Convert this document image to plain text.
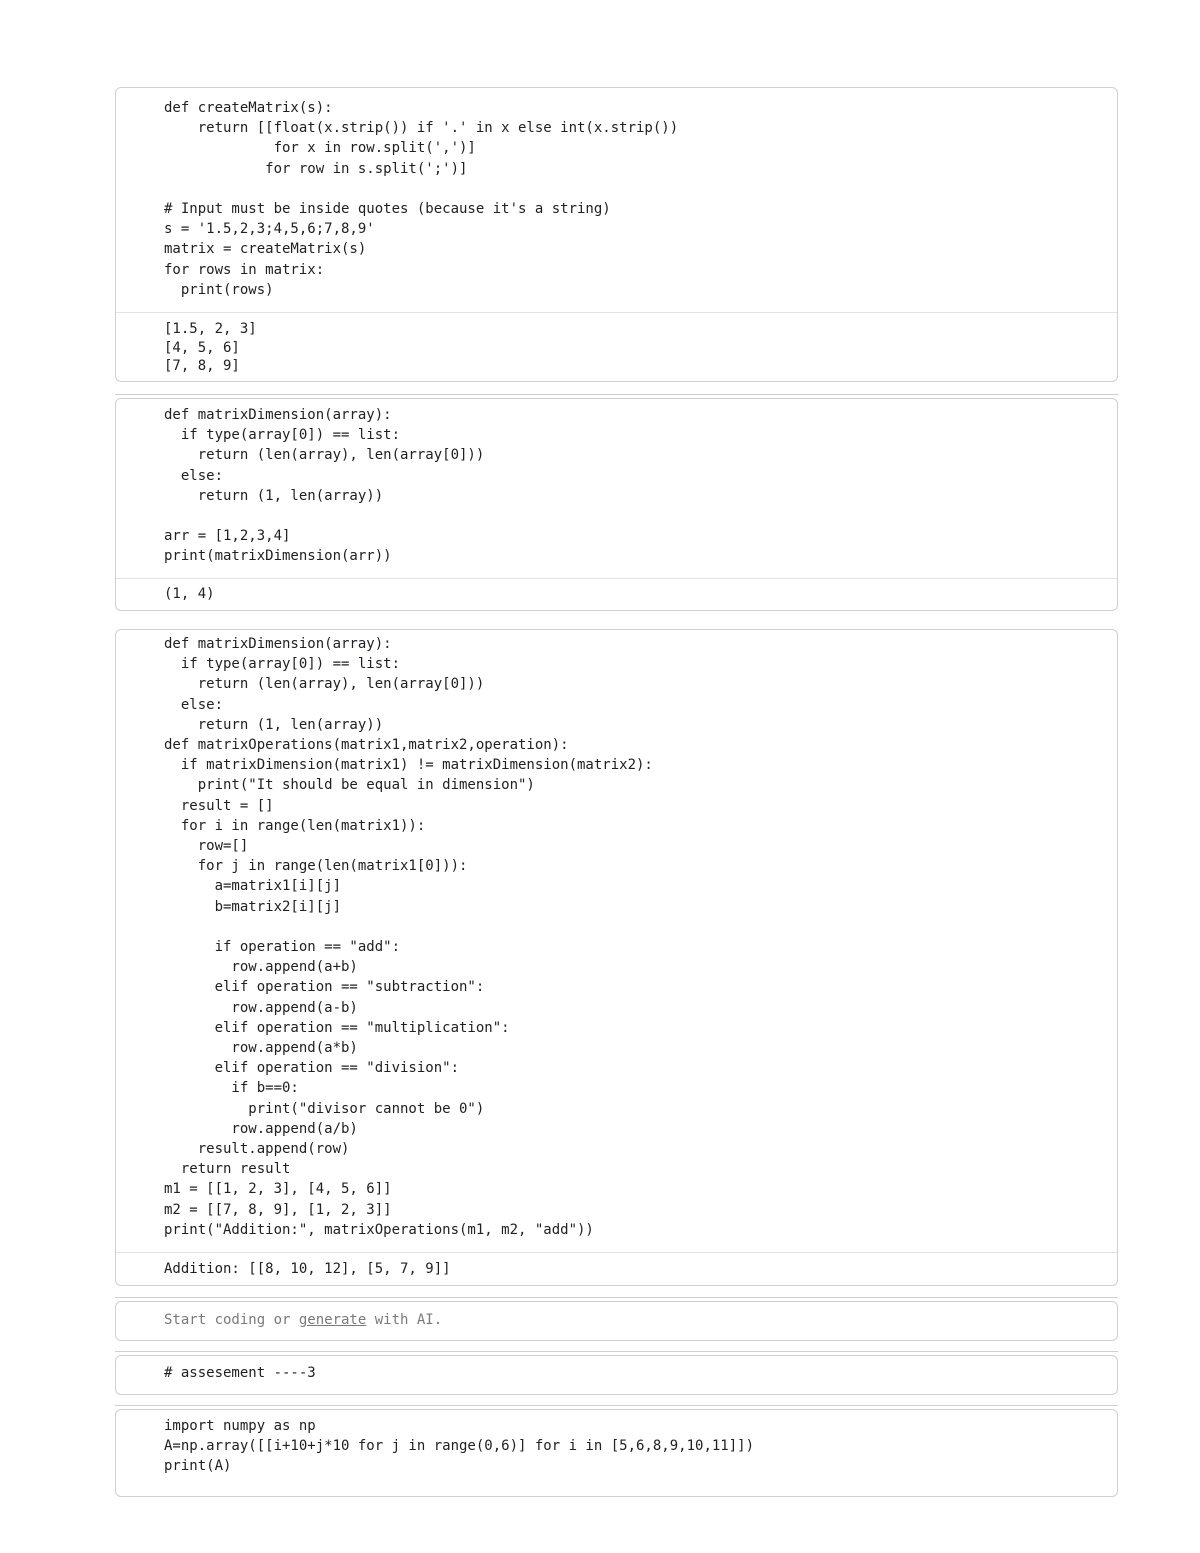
def createMatrix(s):
return [[float(x.strip()) if '.' in x else int(x.strip())
for x in row.split(',')]
for row in s.split(';')]

# Input must be inside quotes (because it's a string)
s = '1.5,2,3;4,5,6;7,8,9'
matrix = createMatrix(s)
for rows in matrix:
print(rows)
[1.5, 2, 3]
[4, 5, 6]
[7, 8, 9]
def matrixDimension(array):
if type(array[0]) == list:
return (len(array), len(array[0]))
else:
return (1, len(array))

arr = [1,2,3,4]
print(matrixDimension(arr))
(1, 4)
def matrixDimension(array):
if type(array[0]) == list:
return (len(array), len(array[0]))
else:
return (1, len(array))
def matrixOperations(matrix1,matrix2,operation):
if matrixDimension(matrix1) != matrixDimension(matrix2):
print("It should be equal in dimension")
result = []
for i in range(len(matrix1)):
row=[]
for j in range(len(matrix1[0])):
a=matrix1[i][j]
b=matrix2[i][j]

if operation == "add":
row.append(a+b)
elif operation == "subtraction":
row.append(a-b)
elif operation == "multiplication":
row.append(a*b)
elif operation == "division":
if b==0:
print("divisor cannot be 0")
row.append(a/b)
result.append(row)
return result
m1 = [[1, 2, 3], [4, 5, 6]]
m2 = [[7, 8, 9], [1, 2, 3]]
print("Addition:", matrixOperations(m1, m2, "add"))
Addition: [[8, 10, 12], [5, 7, 9]]
Start coding or generate with AI.
# assesement ----3
import numpy as np
A=np.array([[i+10+j*10 for j in range(0,6)] for i in [5,6,8,9,10,11]])
print(A)
